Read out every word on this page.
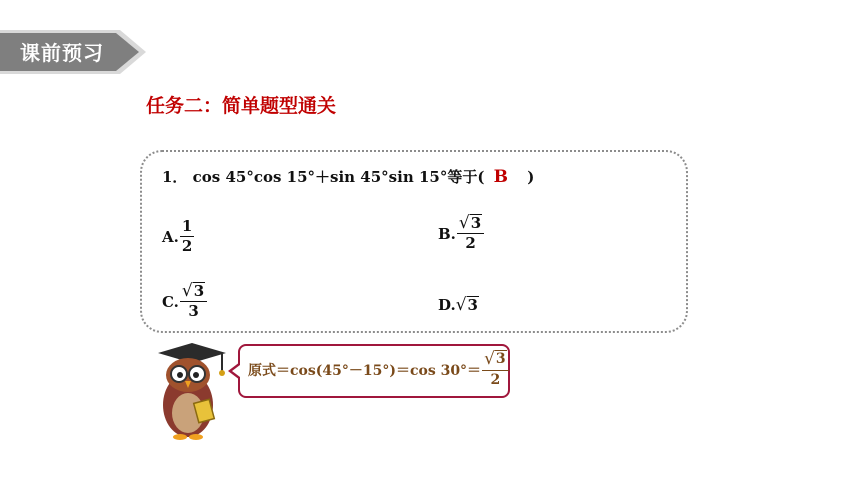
课前预习
任务二：简单题型通关
1． cos 45°cos 15°＋sin 45°sin 15°等于( B )
A. $\frac{1}{2}$	B. $\frac{√ 3}{2}$
C. $\frac{√ 3}{3}$	D. √ 3
原式＝cos(45°－15°)＝cos $30^\circ= \frac{√ 3}{2}$
